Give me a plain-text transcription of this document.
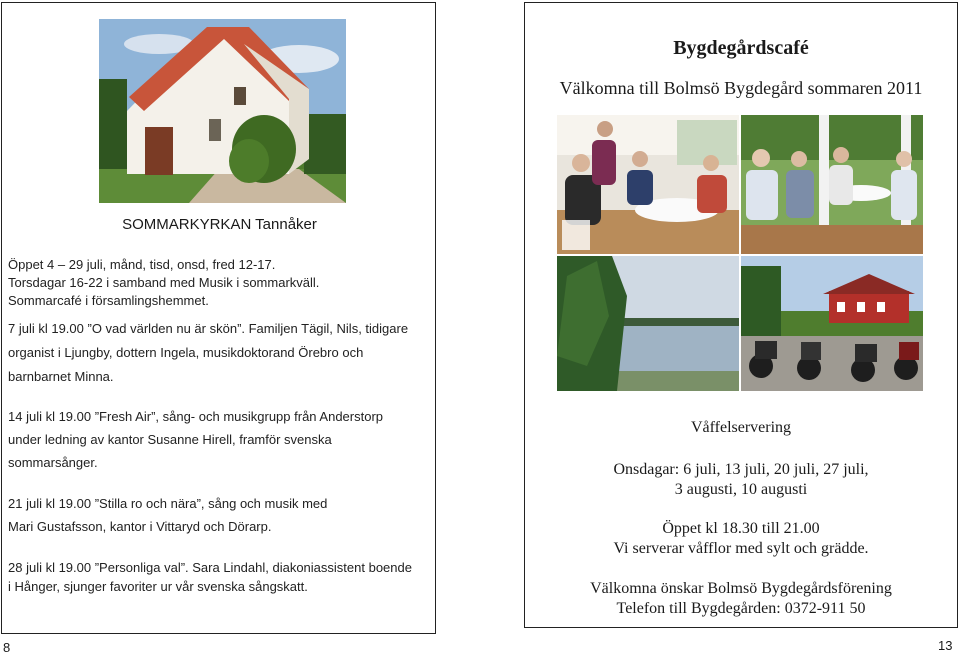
SOMMARKYRKAN Tannåker
Öppet 4 – 29 juli, månd, tisd, onsd, fred 12-17.
Torsdagar 16-22 i samband med Musik i sommarkväll.
Sommarcafé i församlingshemmet.
7 juli kl 19.00 ”O vad världen nu är skön”. Familjen Tägil, Nils, tidigare
organist i Ljungby, dottern Ingela, musikdoktorand Örebro och
barnbarnet Minna.
14 juli kl 19.00 ”Fresh Air”, sång- och musikgrupp från Anderstorp
under ledning av kantor Susanne Hirell, framför svenska
sommarsånger.
21 juli kl 19.00 ”Stilla ro och nära”, sång och musik med
Mari Gustafsson, kantor i Vittaryd och Dörarp.
28 juli kl 19.00 ”Personliga val”. Sara Lindahl, diakoniassistent boende
i Hånger, sjunger favoriter ur vår svenska sångskatt.
8
Bygdegårdscafé
Välkomna till Bolmsö Bygdegård sommaren 2011
Våffelservering
Onsdagar: 6 juli, 13 juli, 20 juli, 27 juli,
3 augusti, 10 augusti
Öppet kl 18.30 till 21.00
Vi serverar våfflor med sylt och grädde.
Välkomna önskar Bolmsö Bygdegårdsförening
Telefon till Bygdegården: 0372-911 50
13
